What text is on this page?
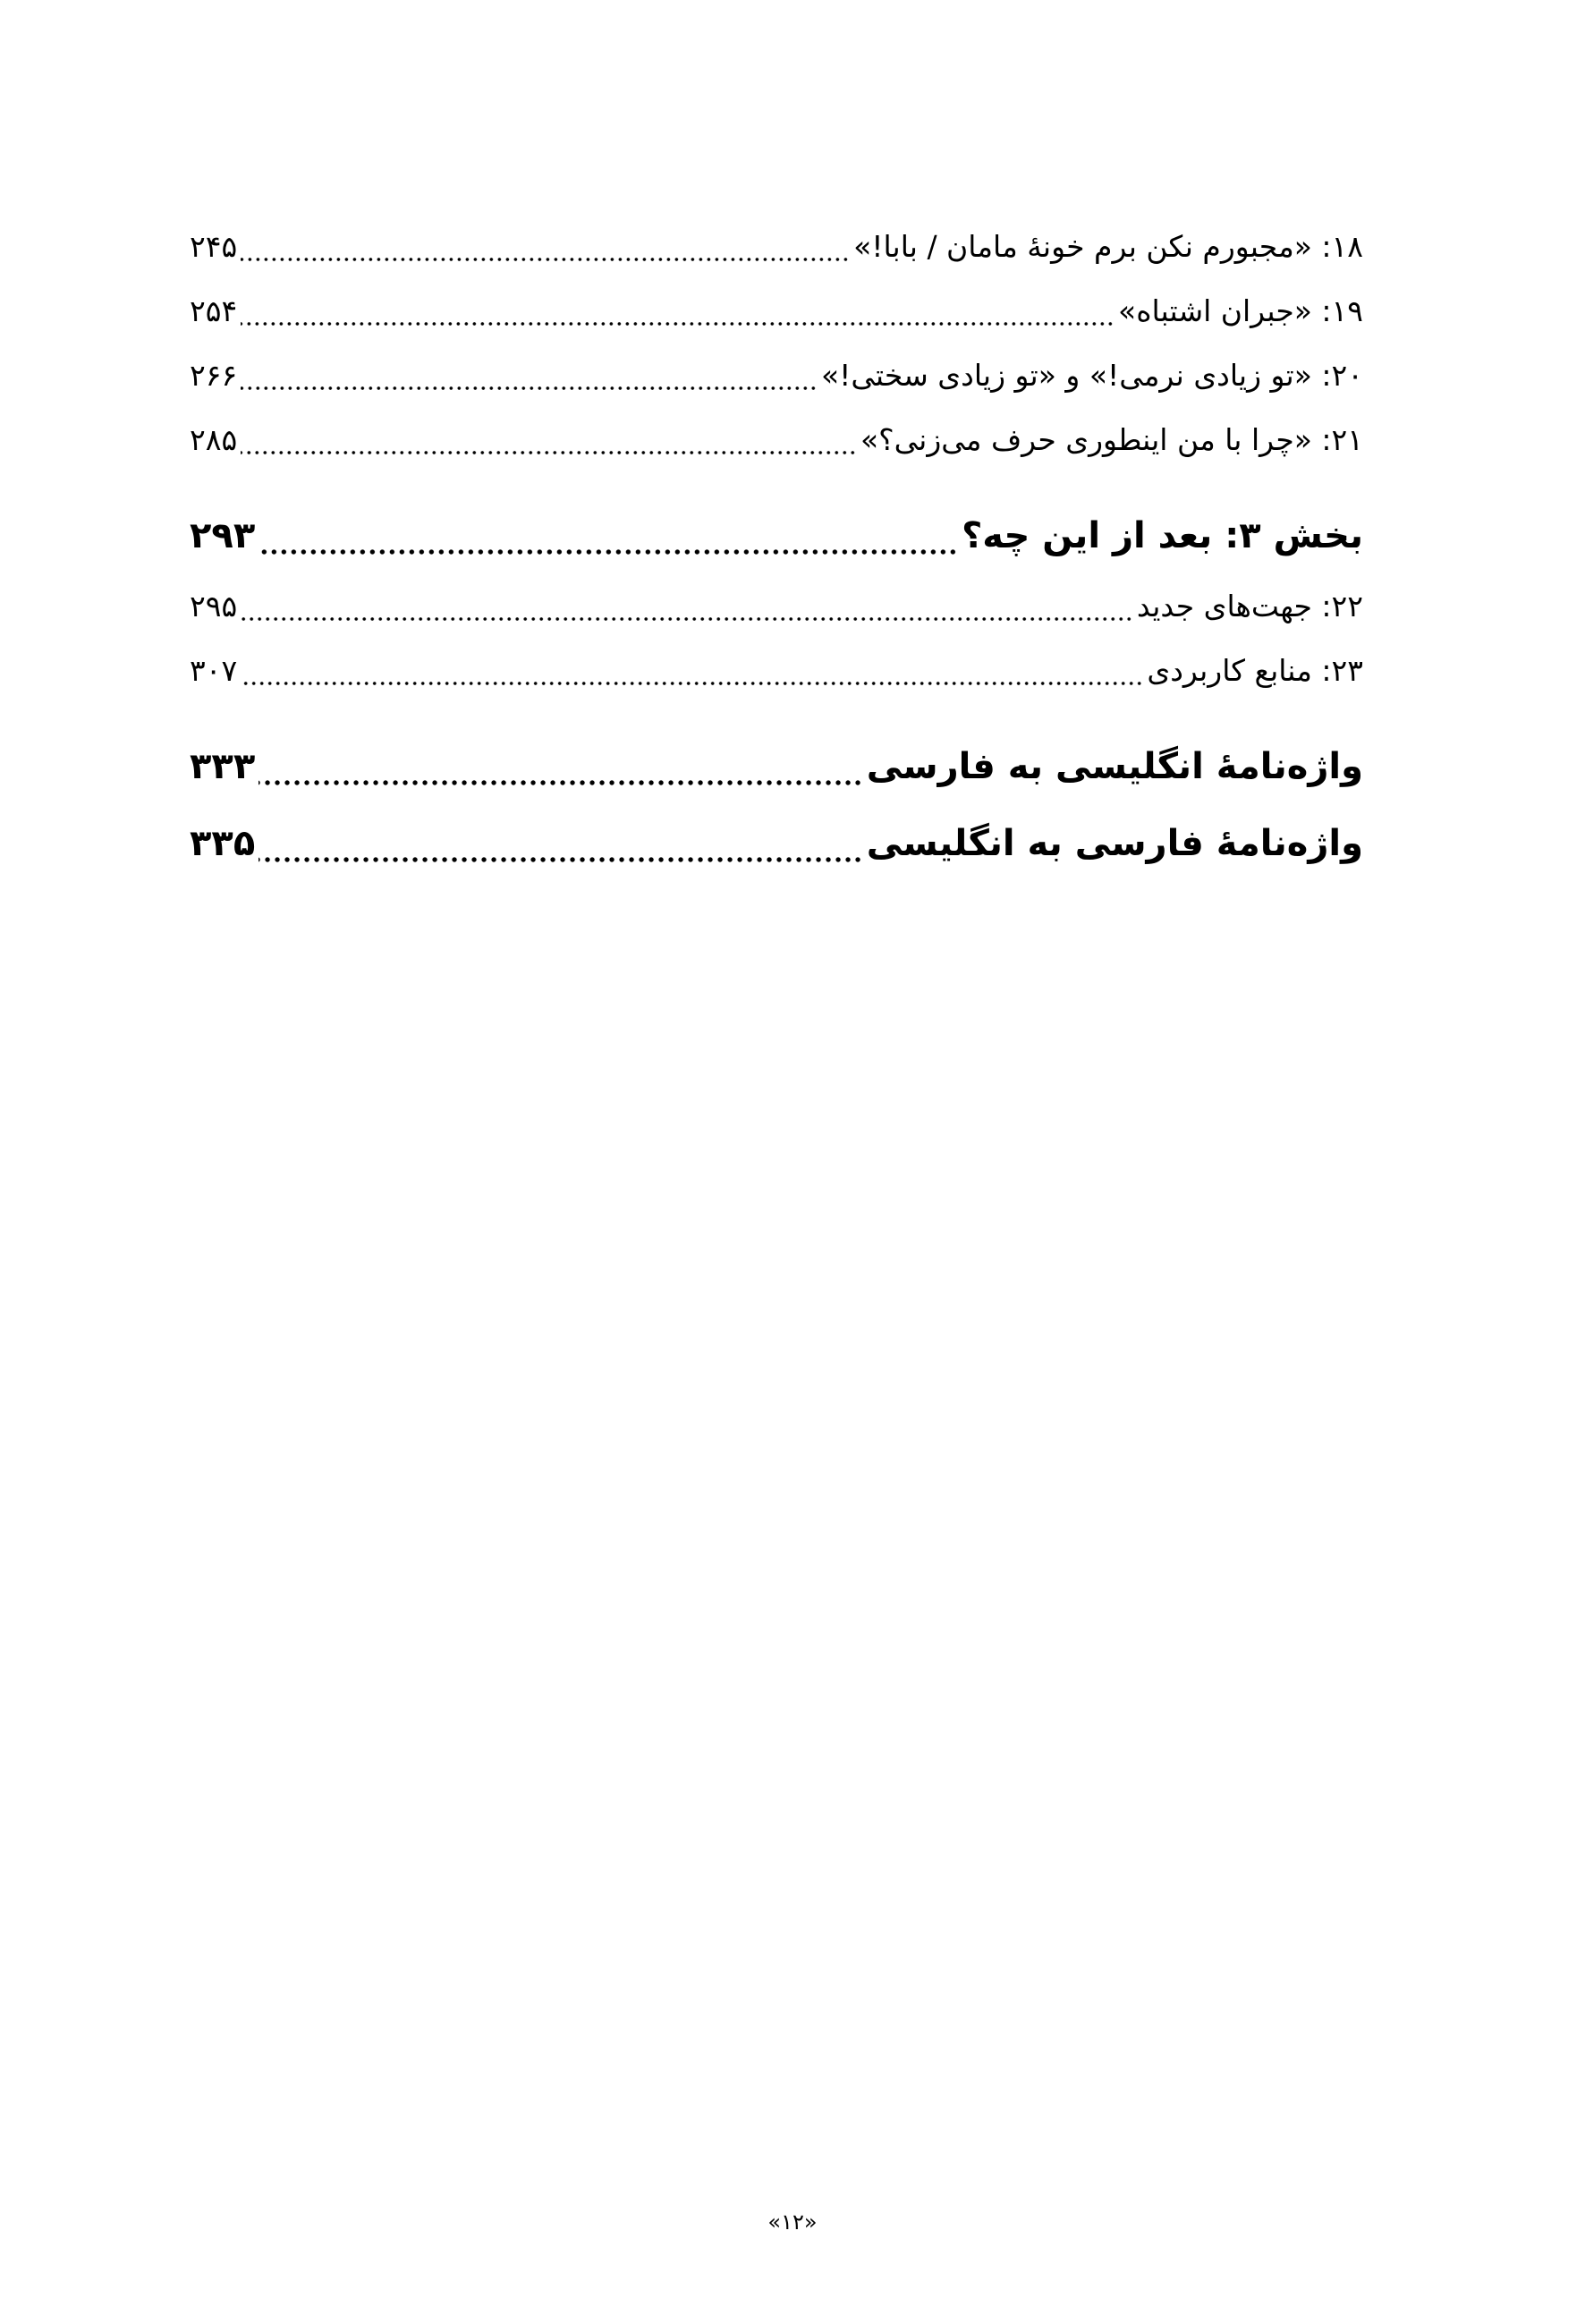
۱۸: «مجبورم نکن برم خونهٔ مامان / بابا!»
۲۴۵
۱۹: «جبران اشتباه»
۲۵۴
۲۰: «تو زیادی نرمی!» و «تو زیادی سختی!»
۲۶۶
۲۱: «چرا با من اینطوری حرف می‌زنی؟»
۲۸۵
بخش ۳: بعد از این چه؟
۲۹۳
۲۲: جهت‌های جدید
۲۹۵
۲۳: منابع کاربردی
۳۰۷
واژه‌نامهٔ انگلیسی به فارسی
۳۳۳
واژه‌نامهٔ فارسی به انگلیسی
۳۳۵
«۱۲»
